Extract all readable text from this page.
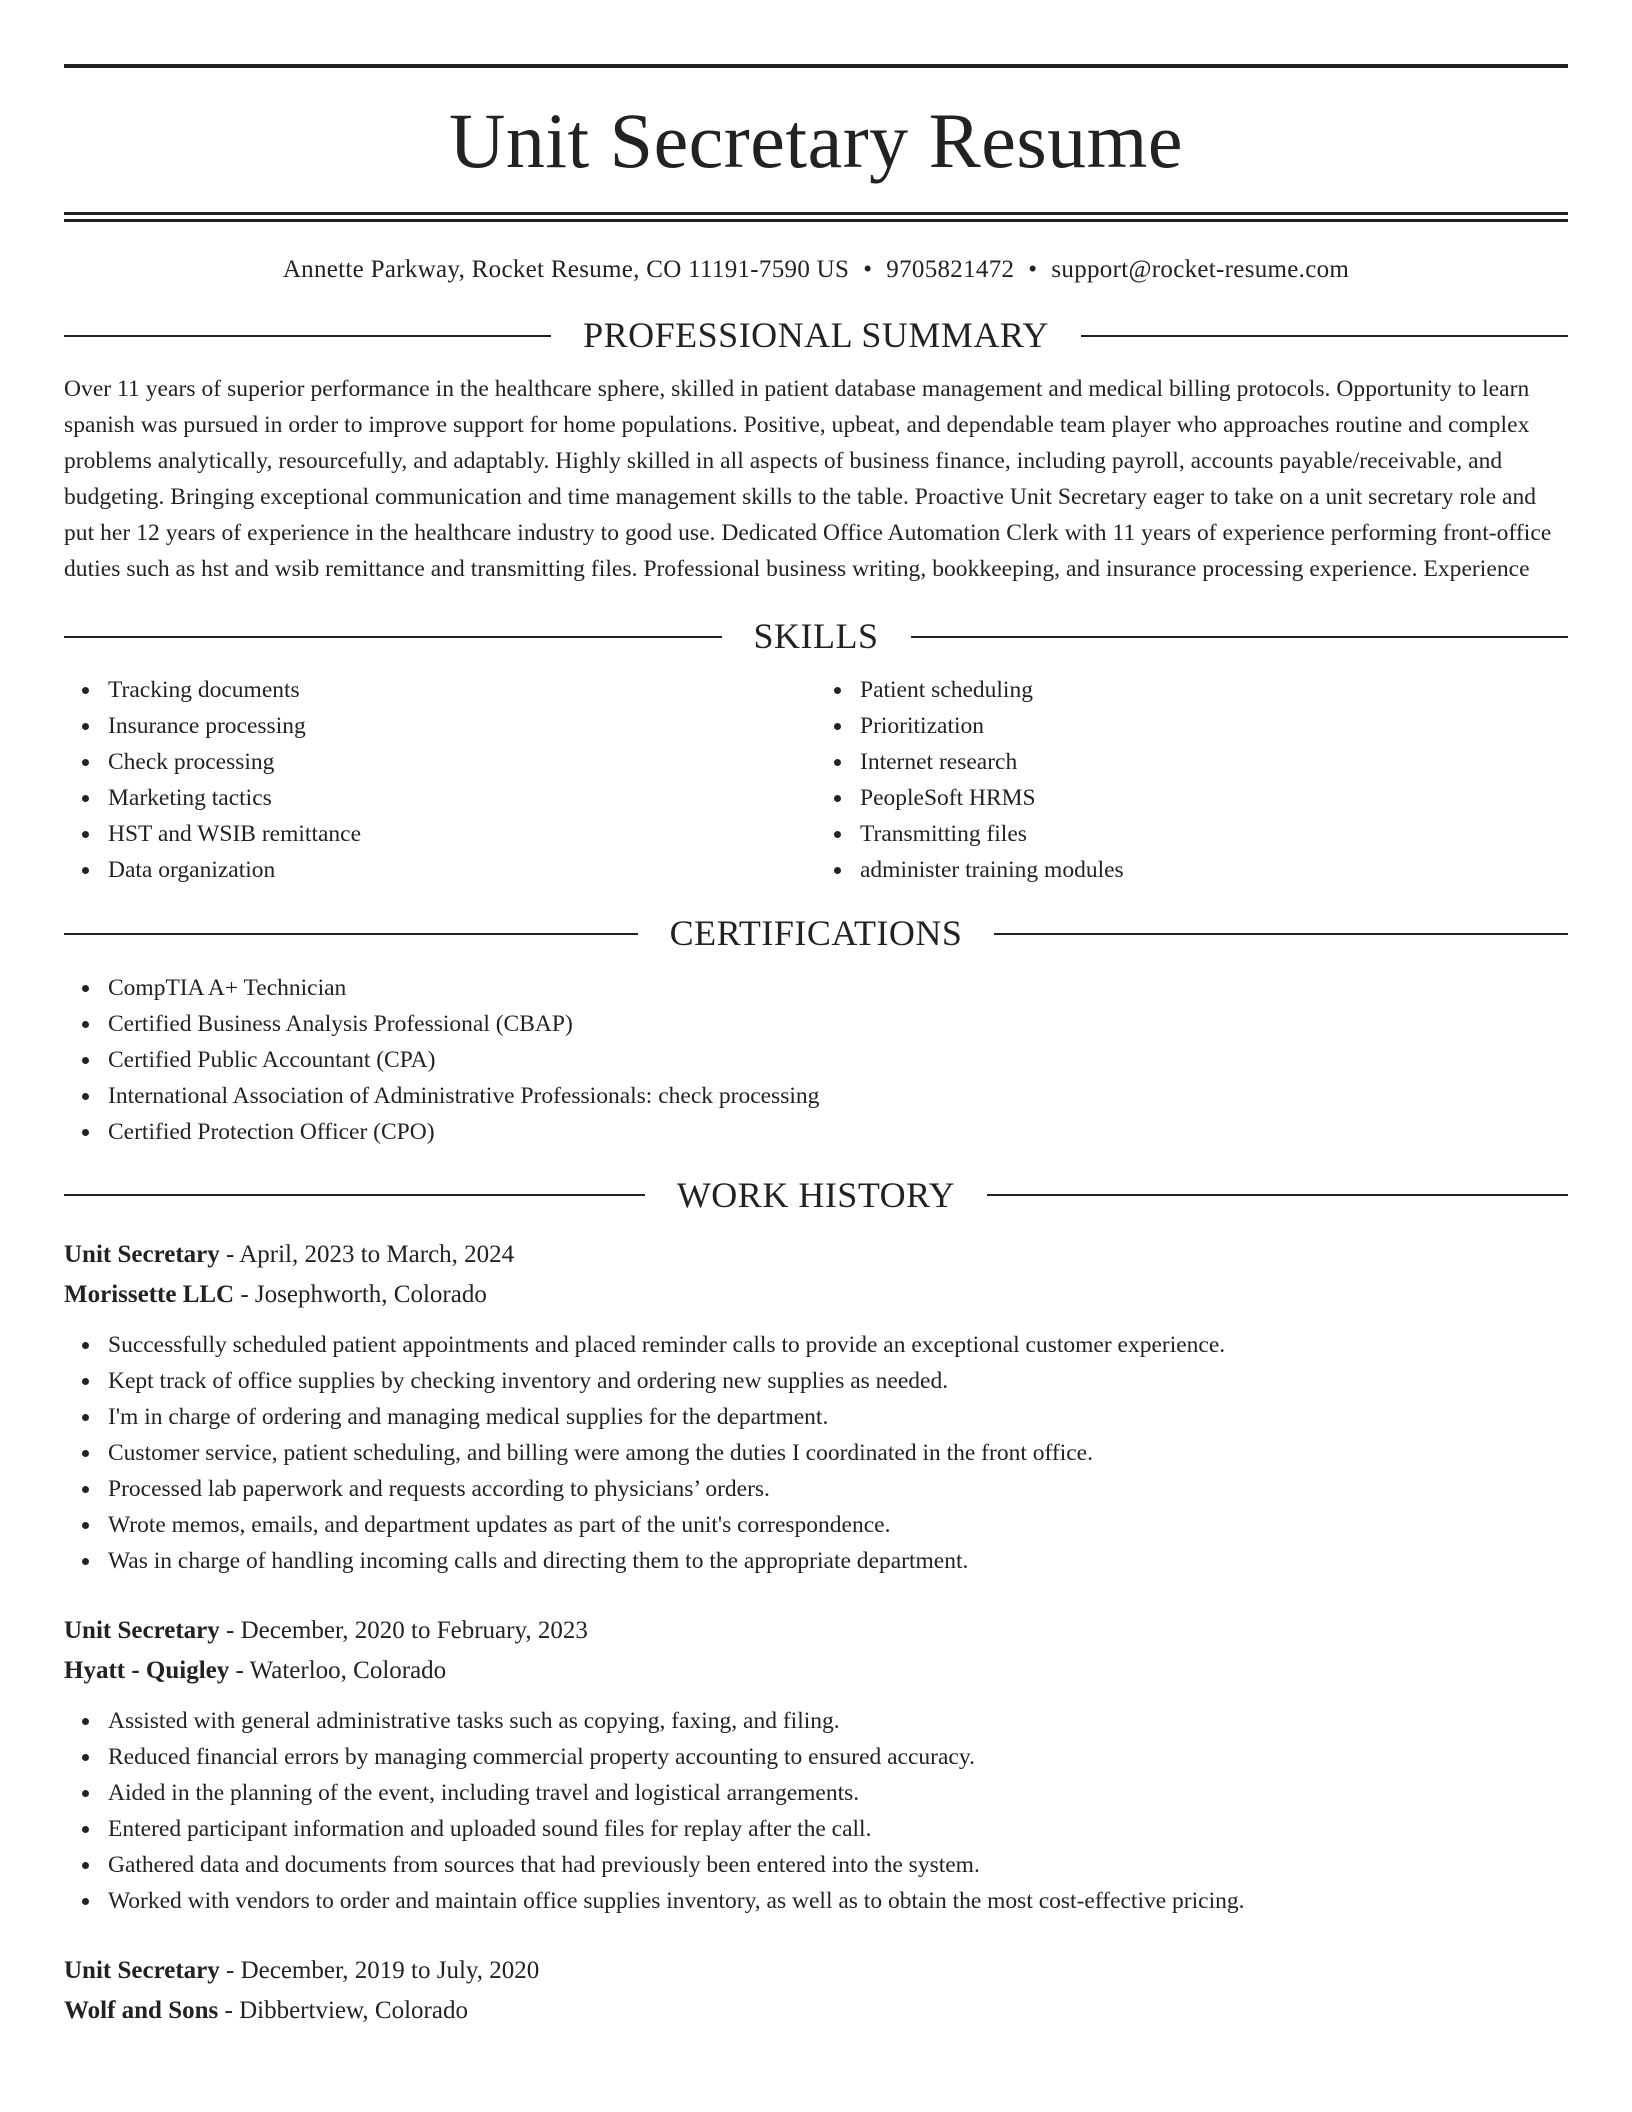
Unit Secretary Resume
Annette Parkway, Rocket Resume, CO 11191-7590 US • 9705821472 • support@rocket-resume.com
PROFESSIONAL SUMMARY

Over 11 years of superior performance in the healthcare sphere, skilled in patient database management and medical billing protocols. Opportunity to learn spanish was pursued in order to improve support for home populations. Positive, upbeat, and dependable team player who approaches routine and complex problems analytically, resourcefully, and adaptably. Highly skilled in all aspects of business finance, including payroll, accounts payable/receivable, and budgeting. Bringing exceptional communication and time management skills to the table. Proactive Unit Secretary eager to take on a unit secretary role and put her 12 years of experience in the healthcare industry to good use. Dedicated Office Automation Clerk with 11 years of experience performing front-office duties such as hst and wsib remittance and transmitting files. Professional business writing, bookkeeping, and insurance processing experience. Experience

SKILLS
Tracking documents
Insurance processing
Check processing
Marketing tactics
HST and WSIB remittance
Data organization
Patient scheduling
Prioritization
Internet research
PeopleSoft HRMS
Transmitting files
administer training modules
CERTIFICATIONS
CompTIA A+ Technician
Certified Business Analysis Professional (CBAP)
Certified Public Accountant (CPA)
International Association of Administrative Professionals: check processing
Certified Protection Officer (CPO)
WORK HISTORY
Unit Secretary - April, 2023 to March, 2024
Morissette LLC - Josephworth, Colorado
Successfully scheduled patient appointments and placed reminder calls to provide an exceptional customer experience.
Kept track of office supplies by checking inventory and ordering new supplies as needed.
I'm in charge of ordering and managing medical supplies for the department.
Customer service, patient scheduling, and billing were among the duties I coordinated in the front office.
Processed lab paperwork and requests according to physicians’ orders.
Wrote memos, emails, and department updates as part of the unit's correspondence.
Was in charge of handling incoming calls and directing them to the appropriate department.
Unit Secretary - December, 2020 to February, 2023
Hyatt - Quigley - Waterloo, Colorado
Assisted with general administrative tasks such as copying, faxing, and filing.
Reduced financial errors by managing commercial property accounting to ensured accuracy.
Aided in the planning of the event, including travel and logistical arrangements.
Entered participant information and uploaded sound files for replay after the call.
Gathered data and documents from sources that had previously been entered into the system.
Worked with vendors to order and maintain office supplies inventory, as well as to obtain the most cost-effective pricing.
Unit Secretary - December, 2019 to July, 2020
Wolf and Sons - Dibbertview, Colorado
